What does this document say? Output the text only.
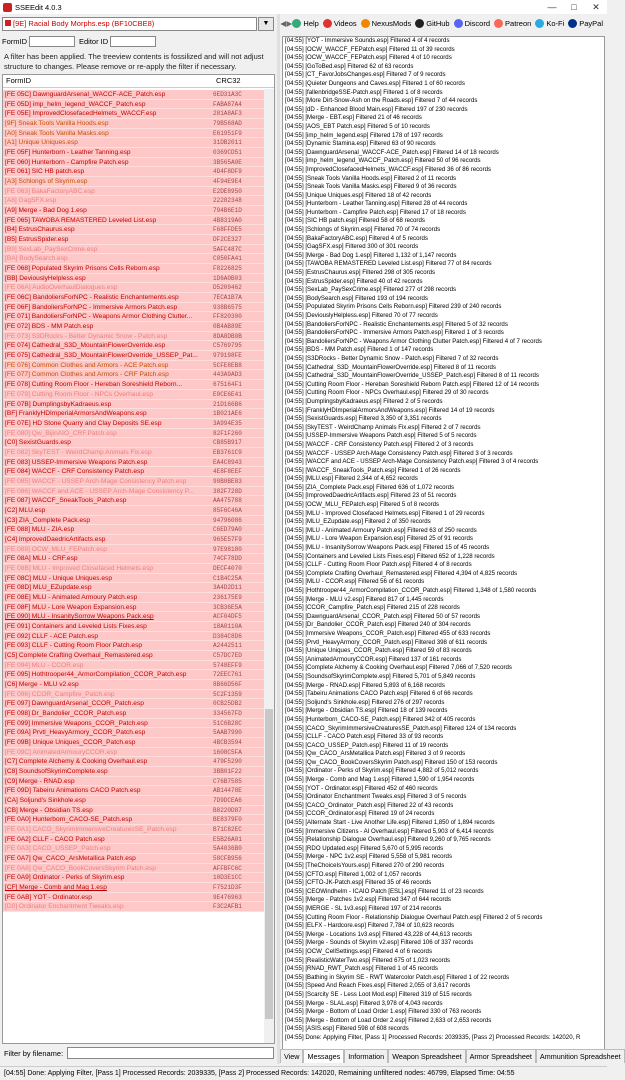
SSEEdit 4.0.3	—	□	✕
[9E] Racial Body Morphs.esp (BF10CBE8)	▼
FormID	Editor ID
A filter has been applied. The treeview contents is fossilized and will not adjust structure to changes. Please remove or re-apply the filter if necessary.
FormID	CRC32
[FE 05C] DawnguardArsenal_WACCF-ACE_Patch.esp	6ED31A3C
[FE 05D] imp_helm_legend_WACCF_Patch.esp	FABA87A4
[FE 05E] ImprovedClosefacedHelmets_WACCF.esp	281A8AF3
[9F] Sneak Tools Vanilla Hoods.esp	79B568AD
[A0] Sneak Tools Vanilla Masks.esp	E61951F9
[A1] Unique Uniques.esp	31DB2011
[FE 05F] Hunterborn - Leather Tanning.esp	0369CD51
[FE 060] Hunterborn - Campfire Patch.esp	3B565A0E
[FE 061] SIC HB patch.esp	4D4F8DF9
[A3] Schlongs of Skyrim.esp	4F94E9E4
[FE 063] BakaFactoryABC.esp	E2DE8950
[A8] GagSFX.esp	22282348
[A9] Merge - Bad Dog 1.esp	794B6E1D
[FE 065] TAWOBA REMASTERED Leveled List.esp	4B8319A0
[B4] EstrusChaurus.esp	F68FFDE5
[B5] EstrusSpider.esp	DF2CE327
[B9] SexLab_PaySexCrime.esp	5AFC487C
[BA] BodySearch.esp	C050FA41
[FE 068] Populated Skyrim Prisons Cells Reborn.esp	F8226825
[BB] DeviouslyHelpless.esp	1D6A0B03
[FE 06A] AudioOverhaulDialogues.esp	D5209462
[FE 06C] BandoliersForNPC - Realistic Enchantements.esp	7ECA1B7A
[FE 06F] BandoliersForNPC - Immersive Armors Patch.esp	938B6575
[FE 071] BandoliersForNPC - Weapons Armor Clothing Clutter...	FF820300
[FE 072] BDS - MM Patch.esp	0B4AB89E
[FE 073] S3DRocks - Better Dynamic Snow - Patch.esp	8DA8DB0B
[FE 074] Cathedral_S3D_MountainFlowerOverride.esp	C5769795
[FE 075] Cathedral_S3D_MountainFlowerOverride_USSEP_Pat...	979198FE
[FE 076] Common Clothes and Armors - ACE Patch.esp	5CFE8EB8
[FE 077] Common Clothes and Armors - CRF Patch.esp	443A9AD3
[FE 078] Cutting Room Floor - Hereban Soreshield Reborn...	675164F1
[FE 079] Cutting Room Floor - NPCs Overhaul.esp	E0CE6E41
[FE 07B] DumplingsbyKadraeus.esp	21D166B6
[BF] FranklyHDImperialArmorsAndWeapons.esp	1B021AE6
[FE 07E] HD Stone Quarry and Clay Deposits SE.esp	3A994E35
[FE 080] Qw_BijinAIO_CRF.Patch.esp	82F1F260
[C0] SexistGuards.esp	CB85B917
[FE 082] SkyTEST - WeirdChamp Animals Fix.esp	EB3761C9
[FE 083] USSEP-Immersive Weapons Patch.esp	EA4C8943
[FE 084] WACCF - CRF Consistency Patch.esp	4E8F8EEF
[FE 085] WACCF - USSEP Arch-Mage Consistency Patch.esp	90B0BE83
[FE 086] WACCF and ACE - USSEP Arch-Mage Consistency P...	382F728D
[FE 087] WACCF_SneakTools_Patch.esp	AA475788
[C2] MLU.esp	85F6C46A
[C3] ZIA_Complete Pack.esp	94796086
[FE 088] MLU - ZIA.esp	C6ED79A0
[C4] ImprovedDaedricArtifacts.esp	965E57F9
[FE 089] OCW_MLU_FEPatch.esp	97E98180
[FE 08A] MLU - CRF.esp	74CF78DD
[FE 08B] MLU - Improved Closefaced Helmets.esp	DECF4070
[FE 08C] MLU - Unique Uniques.esp	C1B4C25A
[FE 08D] MLU_EZupdate.esp	3A4D2D11
[FE 08E] MLU - Animated Armoury Patch.esp	236175E9
[FE 08F] MLU - Lore Weapon Expansion.esp	3CB36E5A
[FE 090] MLU - InsanitySorrow Weapons Pack.esp	ACF04DF5
[FE 091] Containers and Leveled Lists Fixes.esp	18A0110A
[FE 092] CLLF - ACE Patch.esp	D384C8D6
[FE 093] CLLF - Cutting Room Floor Patch.esp	A2442511
[C5] Complete Crafting Overhaul_Remastered.esp	C57DC7ED
[FE 094] MLU - CCOR.esp	5748EFF9
[FE 095] Hothtrooper44_ArmorCompilation_CCOR_Patch.esp	72EEC761
[C6] Merge - MLU v2.esp	8B66D56F
[FE 096] CCOR_Campfire_Patch.esp	5C2F1359
[FE 097] DawnguardArsenal_CCOR_Patch.esp	0CB25DB2
[FE 098] Dr_Bandolier_CCOR_Patch.esp	334567FD
[FE 099] Immersive Weapons_CCOR_Patch.esp	51C6B28C
[FE 09A] Prvtl_HeavyArmory_CCOR_Patch.esp	5AAB7990
[FE 09B] Unique Uniques_CCOR_Patch.esp	4BCB3594
[FE 09C] AnimatedArmouryCCOR.esp	1608C5FA
[C7] Complete Alchemy & Cooking Overhaul.esp	479F5290
[C8] SoundsofSkyrimComplete.esp	3BB01F22
[C9] Merge - RNAD.esp	C76B7585
[FE 09D] Tabeiru Animations CACO Patch.esp	AB14478E
[CA] Soljund's Sinkhole.esp	7D9DCEA6
[CB] Merge - Obsidian TS.esp	B8220D87
[FE 0A0] Hunterborn_CACO-SE_Patch.esp	BE8379F0
[FE 0A1] CACO_SkyrimImmersiveCreaturesSE_Patch.esp	B71C82EC
[FE 0A2] CLLF - CACO Patch.esp	E5B26A01
[FE 0A3] CACO_USSEP_Patch.esp	5A4036B0
[FE 0A7] Qw_CACO_ArsMetallica Patch.esp	58CFB956
[FE 0A8] Qw_CACO_BookCoversSkyrim Patch.esp	AFFBFC6C
[FE 0A9] Ordinator - Perks of Skyrim.esp	10D3E1CC
[CF] Merge - Comb and Mag 1.esp	F7521D3F
[FE 0AB] YOT - Ordinator.esp	9E476963
[D0] Ordinator Enchantment Tweaks.esp	F3C2AFB1
Filter by filename:
◀ ▶ Help Videos NexusMods GitHub Discord Patreon Ko-Fi PayPal
[04:55] [YOT - Immersive Sounds.esp] Filtered 4 of 4 records
[04:55] [OCW_WACCF_FEPatch.esp] Filtered 11 of 39 records
[04:55] [OCW_WACCF_FEPatch.esp] Filtered 4 of 10 records
[04:55] [GoToBed.esp] Filtered 62 of 63 records
[04:55] [CT_FavorJobsChanges.esp] Filtered 7 of 9 records
[04:55] [Quieter Dungeons and Caves.esp] Filtered 1 of 60 records
[04:55] [fallenbridgeSSE-Patch.esp] Filtered 1 of 8 records
[04:55] [More Dirt-Snow-Ash on the Roads.esp] Filtered 7 of 44 records
[04:55] [dD - Enhanced Blood Main.esp] Filtered 197 of 230 records
[04:55] [Merge - EBT.esp] Filtered 21 of 46 records
[04:55] [AOS_EBT Patch.esp] Filtered 5 of 10 records
[04:55] [imp_helm_legend.esp] Filtered 178 of 197 records
[04:55] [Dynamic Stamina.esp] Filtered 63 of 90 records
[04:55] [DawnguardArsenal_WACCF-ACE_Patch.esp] Filtered 14 of 18 records
[04:55] [imp_helm_legend_WACCF_Patch.esp] Filtered 50 of 96 records
[04:55] [ImprovedClosefacedHelmets_WACCF.esp] Filtered 36 of 86 records
[04:55] [Sneak Tools Vanilla Hoods.esp] Filtered 2 of 11 records
[04:55] [Sneak Tools Vanilla Masks.esp] Filtered 9 of 36 records
[04:55] [Unique Uniques.esp] Filtered 18 of 42 records
[04:55] [Hunterborn - Leather Tanning.esp] Filtered 28 of 44 records
[04:55] [Hunterborn - Campfire Patch.esp] Filtered 17 of 18 records
[04:55] [SIC HB patch.esp] Filtered 58 of 68 records
[04:55] [Schlongs of Skyrim.esp] Filtered 70 of 74 records
[04:55] [BakaFactoryABC.esp] Filtered 4 of 5 records
[04:55] [GagSFX.esp] Filtered 300 of 301 records
[04:55] [Merge - Bad Dog 1.esp] Filtered 1,132 of 1,147 records
[04:55] [TAWOBA REMASTERED Leveled List.esp] Filtered 77 of 84 records
[04:55] [EstrusChaurus.esp] Filtered 298 of 305 records
[04:55] [EstrusSpider.esp] Filtered 40 of 42 records
[04:55] [SexLab_PaySexCrime.esp] Filtered 277 of 298 records
[04:55] [BodySearch.esp] Filtered 193 of 194 records
[04:55] [Populated Skyrim Prisons Cells Reborn.esp] Filtered 239 of 240 records
[04:55] [DeviouslyHelpless.esp] Filtered 70 of 77 records
[04:55] [BandoliersForNPC - Realistic Enchantements.esp] Filtered 5 of 32 records
[04:55] [BandoliersForNPC - Immersive Armors Patch.esp] Filtered 1 of 3 records
[04:55] [BandoliersForNPC - Weapons Armor Clothing Clutter Patch.esp] Filtered 4 of 7 records
[04:55] [BDS - MM Patch.esp] Filtered 1 of 147 records
[04:55] [S3DRocks - Better Dynamic Snow - Patch.esp] Filtered 7 of 32 records
[04:55] [Cathedral_S3D_MountainFlowerOverride.esp] Filtered 8 of 11 records
[04:55] [Cathedral_S3D_MountainFlowerOverride_USSEP_Patch.esp] Filtered 8 of 11 records
[04:55] [Cutting Room Floor - Hereban Soreshield Reborn Patch.esp] Filtered 12 of 14 records
[04:55] [Cutting Room Floor - NPCs Overhaul.esp] Filtered 29 of 30 records
[04:55] [DumplingsbyKadraeus.esp] Filtered 2 of 5 records
[04:55] [FranklyHDImperialArmorsAndWeapons.esp] Filtered 14 of 19 records
[04:55] [SexistGuards.esp] Filtered 3,350 of 3,351 records
[04:55] [SkyTEST - WeirdChamp Animals Fix.esp] Filtered 2 of 7 records
[04:55] [USSEP-Immersive Weapons Patch.esp] Filtered 5 of 5 records
[04:55] [WACCF - CRF Consistency Patch.esp] Filtered 2 of 3 records
[04:55] [WACCF - USSEP Arch-Mage Consistency Patch.esp] Filtered 3 of 3 records
[04:55] [WACCF and ACE - USSEP Arch-Mage Consistency Patch.esp] Filtered 3 of 4 records
[04:55] [WACCF_SneakTools_Patch.esp] Filtered 1 of 26 records
[04:55] [MLU.esp] Filtered 2,344 of 4,652 records
[04:55] [ZIA_Complete Pack.esp] Filtered 636 of 1,072 records
[04:55] [ImprovedDaedricArtifacts.esp] Filtered 23 of 51 records
[04:55] [OCW_MLU_FEPatch.esp] Filtered 5 of 8 records
[04:55] [MLU - Improved Closefaced Helmets.esp] Filtered 1 of 29 records
[04:55] [MLU_EZupdate.esp] Filtered 2 of 350 records
[04:55] [MLU - Animated Armoury Patch.esp] Filtered 63 of 250 records
[04:55] [MLU - Lore Weapon Expansion.esp] Filtered 25 of 91 records
[04:55] [MLU - InsanitySorrow Weapons Pack.esp] Filtered 15 of 45 records
[04:55] [Containers and Leveled Lists Fixes.esp] Filtered 652 of 1,228 records
[04:55] [CLLF - Cutting Room Floor Patch.esp] Filtered 4 of 8 records
[04:55] [Complete Crafting Overhaul_Remastered.esp] Filtered 4,394 of 4,825 records
[04:55] [MLU - CCOR.esp] Filtered 56 of 61 records
[04:55] [Hothtrooper44_ArmorCompilation_CCOR_Patch.esp] Filtered 1,348 of 1,580 records
[04:55] [Merge - MLU v2.esp] Filtered 817 of 1,445 records
[04:55] [CCOR_Campfire_Patch.esp] Filtered 215 of 228 records
[04:55] [DawnguardArsenal_CCOR_Patch.esp] Filtered 50 of 57 records
[04:55] [Dr_Bandolier_CCOR_Patch.esp] Filtered 240 of 304 records
[04:55] [Immersive Weapons_CCOR_Patch.esp] Filtered 455 of 633 records
[04:55] [Prvtl_HeavyArmory_CCOR_Patch.esp] Filtered 398 of 611 records
[04:55] [Unique Uniques_CCOR_Patch.esp] Filtered 59 of 83 records
[04:55] [AnimatedArmouryCCOR.esp] Filtered 137 of 161 records
[04:55] [Complete Alchemy & Cooking Overhaul.esp] Filtered 7,066 of 7,520 records
[04:55] [SoundsofSkyrimComplete.esp] Filtered 5,701 of 5,849 records
[04:55] [Merge - RNAD.esp] Filtered 5,893 of 6,168 records
[04:55] [Tabeiru Animations CACO Patch.esp] Filtered 6 of 66 records
[04:55] [Soljund's Sinkhole.esp] Filtered 276 of 297 records
[04:55] [Merge - Obsidian TS.esp] Filtered 18 of 139 records
[04:55] [Hunterborn_CACO-SE_Patch.esp] Filtered 342 of 405 records
[04:55] [CACO_SkyrimImmersiveCreaturesSE_Patch.esp] Filtered 124 of 134 records
[04:55] [CLLF - CACO Patch.esp] Filtered 33 of 93 records
[04:55] [CACO_USSEP_Patch.esp] Filtered 11 of 19 records
[04:55] [Qw_CACO_ArsMetallica Patch.esp] Filtered 3 of 9 records
[04:55] [Qw_CACO_BookCoversSkyrim Patch.esp] Filtered 150 of 153 records
[04:55] [Ordinator - Perks of Skyrim.esp] Filtered 4,882 of 5,012 records
[04:55] [Merge - Comb and Mag 1.esp] Filtered 1,590 of 1,954 records
[04:55] [YOT - Ordinator.esp] Filtered 452 of 460 records
[04:55] [Ordinator Enchantment Tweaks.esp] Filtered 3 of 5 records
[04:55] [CACO_Ordinator_Patch.esp] Filtered 22 of 43 records
[04:55] [CCOR_Ordinator.esp] Filtered 19 of 24 records
[04:55] [Alternate Start - Live Another Life.esp] Filtered 1,850 of 1,894 records
[04:55] [Immersive Citizens - AI Overhaul.esp] Filtered 5,903 of 6,414 records
[04:55] [Relationship Dialogue Overhaul.esp] Filtered 9,260 of 9,765 records
[04:55] [RDO Updated.esp] Filtered 5,670 of 5,995 records
[04:55] [Merge - NPC 1v2.esp] Filtered 5,558 of 5,981 records
[04:55] [TheChoiceIsYours.esp] Filtered 270 of 290 records
[04:55] [CFTO.esp] Filtered 1,002 of 1,057 records
[04:55] [CFTO-JK-Patch.esp] Filtered 35 of 46 records
[04:55] [CEOWindhelm - ICAIO Patch [ESL].esp] Filtered 11 of 23 records
[04:55] [Merge - Patches 1v2.esp] Filtered 347 of 644 records
[04:55] [MERGE - SL 1v3.esp] Filtered 197 of 214 records
[04:55] [Cutting Room Floor - Relationship Dialogue Overhaul Patch.esp] Filtered 2 of 5 records
[04:55] [ELFX - Hardcore.esp] Filtered 7,784 of 10,623 records
[04:55] [Merge - Locations 1v3.esp] Filtered 43,228 of 44,613 records
[04:55] [Merge - Sounds of Skyrim v2.esp] Filtered 106 of 337 records
[04:55] [OCW_CellSettings.esp] Filtered 4 of 6 records
[04:55] [RealisticWaterTwo.esp] Filtered 675 of 1,023 records
[04:55] [RNAD_RWT_Patch.esp] Filtered 1 of 45 records
[04:55] [Bathing in Skyrim SE - RWT Watercolor Patch.esp] Filtered 1 of 22 records
[04:55] [Speed And Reach Fixes.esp] Filtered 2,055 of 3,617 records
[04:55] [Scarcity SE - Less Loot Mod.esp] Filtered 319 of 515 records
[04:55] [Merge - SLAL.esp] Filtered 3,978 of 4,043 records
[04:55] [Merge - Bottom of Load Order 1.esp] Filtered 330 of 763 records
[04:55] [Merge - Bottom of Load Order 2.esp] Filtered 2,633 of 2,653 records
[04:55] [ASIS.esp] Filtered 598 of 608 records
[04:55] Done: Applying Filter, [Pass 1] Processed Records: 2039335, [Pass 2] Processed Records: 142020, R
View	Messages	Information	Weapon Spreadsheet	Armor Spreadsheet	Ammunition Spreadsheet
[04:55] Done: Applying Filter, [Pass 1] Processed Records: 2039335, [Pass 2] Processed Records: 142020, Remaining unfiltered nodes: 46799, Elapsed Time: 04:55
